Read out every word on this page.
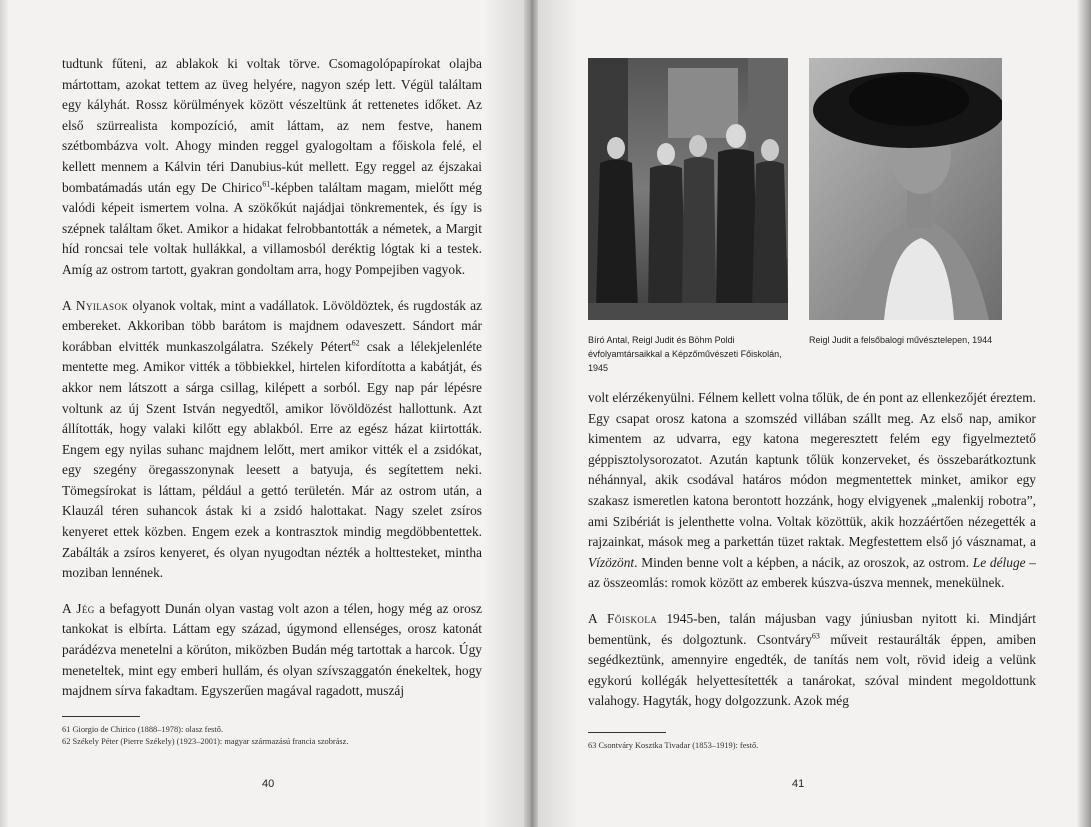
tudtunk fűteni, az ablakok ki voltak törve. Csomagolópapírokat olajba mártottam, azokat tettem az üveg helyére, nagyon szép lett. Végül találtam egy kályhát. Rossz körülmények között vészeltünk át rettenetes időket. Az első szürrealista kompozíció, amit láttam, az nem festve, hanem szétbombázva volt. Ahogy minden reggel gyalogoltam a főiskola felé, el kellett mennem a Kálvin téri Danubius-kút mellett. Egy reggel az éjszakai bombatámadás után egy De Chirico$^{61}$-képben találtam magam, mielőtt még valódi képeit ismertem volna. A szökőkút najádjai tönkrementek, és így is szépnek találtam őket. Amikor a hidakat felrobbantották a németek, a Margit híd roncsai tele voltak hullákkal, a villamosból deréktig lógtak ki a testek. Amíg az ostrom tartott, gyakran gondoltam arra, hogy Pompejiben vagyok.

A Nyilasok olyanok voltak, mint a vadállatok. Lövöldöztek, és rugdosták az embereket. Akkoriban több barátom is majdnem odaveszett. Sándort már korábban elvitték munkaszolgálatra. Székely Pétert$^{62}$ csak a lélekjelenléte mentette meg. Amikor vitték a többiekkel, hirtelen kifordította a kabátját, és akkor nem látszott a sárga csillag, kilépett a sorból. Egy nap pár lépésre voltunk az új Szent István negyedtől, amikor lövöldözést hallottunk. Azt állították, hogy valaki kilőtt egy ablakból. Erre az egész házat kiirtották. Engem egy nyilas suhanc majdnem lelőtt, mert amikor vitték el a zsidókat, egy szegény öregasszonynak leesett a batyuja, és segítettem neki. Tömegsírokat is láttam, például a gettó területén. Már az ostrom után, a Klauzál téren suhancok ástak ki a zsidó halottakat. Nagy szelet zsíros kenyeret ettek közben. Engem ezek a kontrasztok mindig megdöbbentettek. Zabálták a zsíros kenyeret, és olyan nyugodtan nézték a holttesteket, mintha moziban lennének.

A Jég a befagyott Dunán olyan vastag volt azon a télen, hogy még az orosz tankokat is elbírta. Láttam egy század, úgymond ellenséges, orosz katonát parádézva menetelni a körúton, miközben Budán még tartottak a harcok. Úgy meneteltek, mint egy emberi hullám, és olyan szívszaggatón énekeltek, hogy majdnem sírva fakadtam. Egyszerűen magával ragadott, muszáj

61 Giorgio de Chirico (1888–1978): olasz festő.
62 Székely Péter (Pierre Székely) (1923–2001): magyar származású francia szobrász.
40
Bíró Antal, Reigl Judit és Böhm Poldi évfolyamtársaikkal a Képzőművészeti Főiskolán, 1945
Reigl Judit a felsőbalogi művésztelepen, 1944

volt elérzékenyülni. Félnem kellett volna tőlük, de én pont az ellenkezőjét éreztem. Egy csapat orosz katona a szomszéd villában szállt meg. Az első nap, amikor kimentem az udvarra, egy katona megeresztett felém egy figyelmeztető géppisztolysorozatot. Azután kaptunk tőlük konzerveket, és összebarátkoztunk néhánnyal, akik csodával határos módon megmentettek minket, amikor egy szakasz ismeretlen katona berontott hozzánk, hogy elvigyenek „malenkij robotra”, ami Szibériát is jelenthette volna. Voltak közöttük, akik hozzáértően nézegették a rajzainkat, mások meg a parkettán tüzet raktak. Megfestettem első jó vásznamat, a Vízözönt. Minden benne volt a képben, a nácik, az oroszok, az ostrom. Le déluge – az összeomlás: romok között az emberek kúszva-úszva mennek, menekülnek.

A Főiskola 1945-ben, talán májusban vagy júniusban nyitott ki. Mindjárt bementünk, és dolgoztunk. Csontváry$^{63}$ műveit restaurálták éppen, amiben segédkeztünk, amennyire engedték, de tanítás nem volt, rövid ideig a velünk egykorú kollégák helyettesítették a tanárokat, szóval mindent megoldottunk valahogy. Hagyták, hogy dolgozzunk. Azok még

63 Csontváry Kosztka Tivadar (1853–1919): festő.
41
